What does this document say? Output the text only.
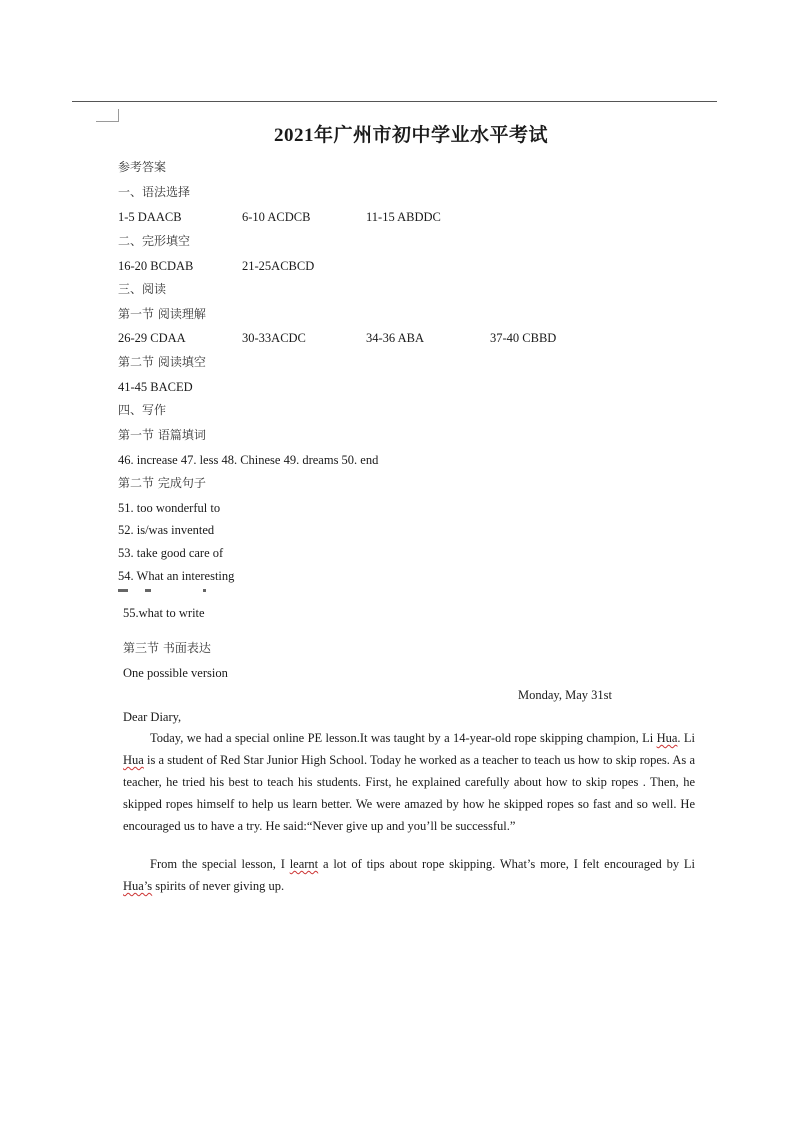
2021年广州市初中学业水平考试
参考答案
一、语法选择
1-5 DAACB	6-10 ACDCB	11-15 ABDDC
二、完形填空
16-20 BCDAB	21-25ACBCD
三、阅读
第一节 阅读理解
26-29 CDAA	30-33ACDC	34-36 ABA	37-40 CBBD
第二节 阅读填空
41-45 BACED
四、写作
第一节 语篇填词
46. increase 47. less 48. Chinese 49. dreams 50. end
第二节 完成句子
51. too wonderful to
52. is/was invented
53. take good care of
54. What an interesting
55.what to write
第三节 书面表达
One possible version
Monday, May 31st
Dear Diary,
Today, we had a special online PE lesson.It was taught by a 14-year-old rope skipping champion, Li Hua. Li Hua is a student of Red Star Junior High School. Today he worked as a teacher to teach us how to skip ropes. As a teacher, he tried his best to teach his students. First, he explained carefully about how to skip ropes . Then, he skipped ropes himself to help us learn better. We were amazed by how he skipped ropes so fast and so well. He encouraged us to have a try. He said:“Never give up and you’ll be successful.”
From the special lesson, I learnt a lot of tips about rope skipping. What’s more, I felt encouraged by Li Hua’s spirits of never giving up.
